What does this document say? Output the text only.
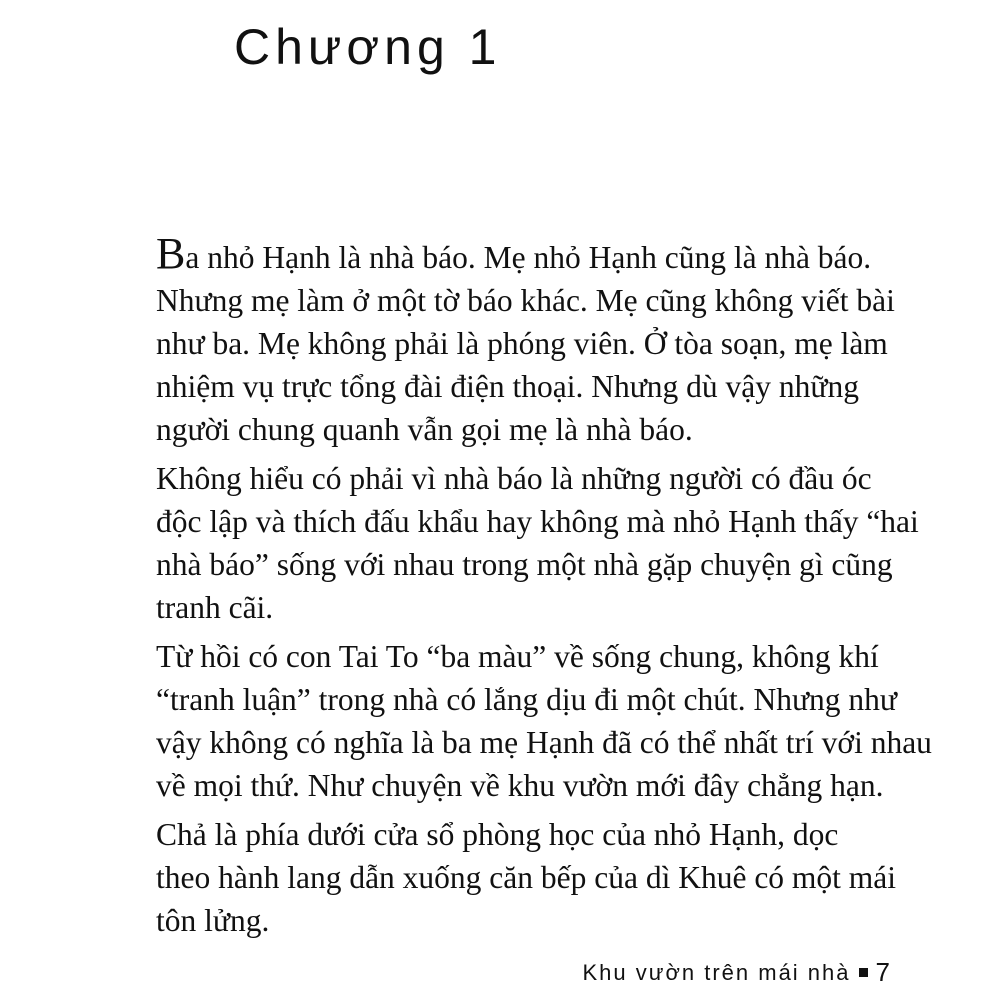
Chương 1

Ba nhỏ Hạnh là nhà báo. Mẹ nhỏ Hạnh cũng là nhà báo.
Nhưng mẹ làm ở một tờ báo khác. Mẹ cũng không viết bài
như ba. Mẹ không phải là phóng viên. Ở tòa soạn, mẹ làm
nhiệm vụ trực tổng đài điện thoại. Nhưng dù vậy những
người chung quanh vẫn gọi mẹ là nhà báo.

Không hiểu có phải vì nhà báo là những người có đầu óc
độc lập và thích đấu khẩu hay không mà nhỏ Hạnh thấy “hai
nhà báo” sống với nhau trong một nhà gặp chuyện gì cũng
tranh cãi.

Từ hồi có con Tai To “ba màu” về sống chung, không khí
“tranh luận” trong nhà có lắng dịu đi một chút. Nhưng như
vậy không có nghĩa là ba mẹ Hạnh đã có thể nhất trí với nhau
về mọi thứ. Như chuyện về khu vườn mới đây chẳng hạn.

Chả là phía dưới cửa sổ phòng học của nhỏ Hạnh, dọc
theo hành lang dẫn xuống căn bếp của dì Khuê có một mái
tôn lửng.

Khu vườn trên mái nhà 7
